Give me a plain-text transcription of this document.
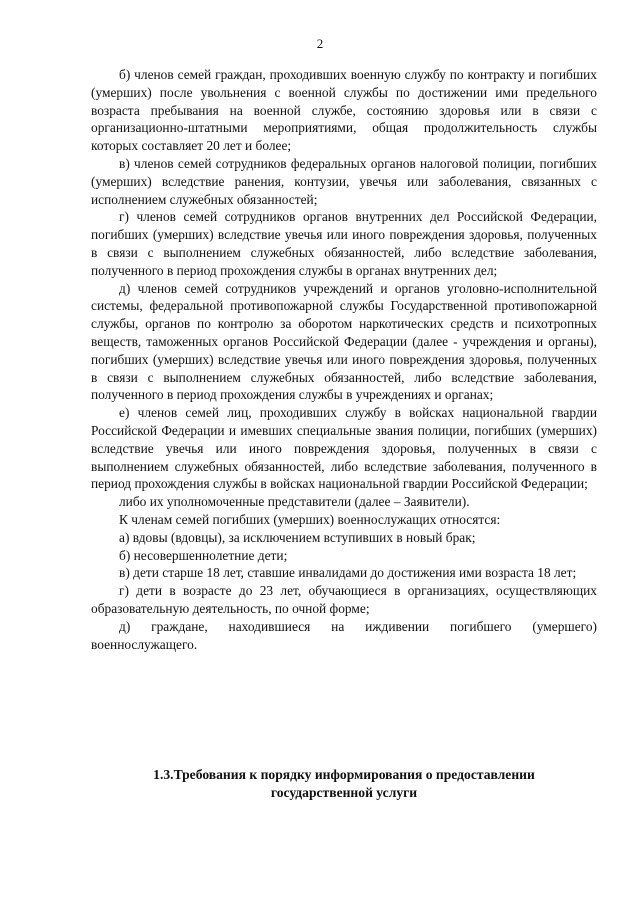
2

б) членов семей граждан, проходивших военную службу по контракту и погибших (умерших) после увольнения с военной службы по достижении ими предельного возраста пребывания на военной службе, состоянию здоровья или в связи с организационно-штатными мероприятиями, общая продолжительность службы которых составляет 20 лет и более;

в) членов семей сотрудников федеральных органов налоговой полиции, погибших (умерших) вследствие ранения, контузии, увечья или заболевания, связанных с исполнением служебных обязанностей;

г) членов семей сотрудников органов внутренних дел Российской Федерации, погибших (умерших) вследствие увечья или иного повреждения здоровья, полученных в связи с выполнением служебных обязанностей, либо вследствие заболевания, полученного в период прохождения службы в органах внутренних дел;

д) членов семей сотрудников учреждений и органов уголовно-исполнительной системы, федеральной противопожарной службы Государственной противопожарной службы, органов по контролю за оборотом наркотических средств и психотропных веществ, таможенных органов Российской Федерации (далее - учреждения и органы), погибших (умерших) вследствие увечья или иного повреждения здоровья, полученных в связи с выполнением служебных обязанностей, либо вследствие заболевания, полученного в период прохождения службы в учреждениях и органах;

е) членов семей лиц, проходивших службу в войсках национальной гвардии Российской Федерации и имевших специальные звания полиции, погибших (умерших) вследствие увечья или иного повреждения здоровья, полученных в связи с выполнением служебных обязанностей, либо вследствие заболевания, полученного в период прохождения службы в войсках национальной гвардии Российской Федерации;

либо их уполномоченные представители (далее – Заявители).

К членам семей погибших (умерших) военнослужащих относятся:

а) вдовы (вдовцы), за исключением вступивших в новый брак;

б) несовершеннолетние дети;

в) дети старше 18 лет, ставшие инвалидами до достижения ими возраста 18 лет;

г) дети в возрасте до 23 лет, обучающиеся в организациях, осуществляющих образовательную деятельность, по очной форме;

д) граждане, находившиеся на иждивении погибшего (умершего) военнослужащего.

1.3.Требования к порядку информирования о предоставлении
государственной услуги
